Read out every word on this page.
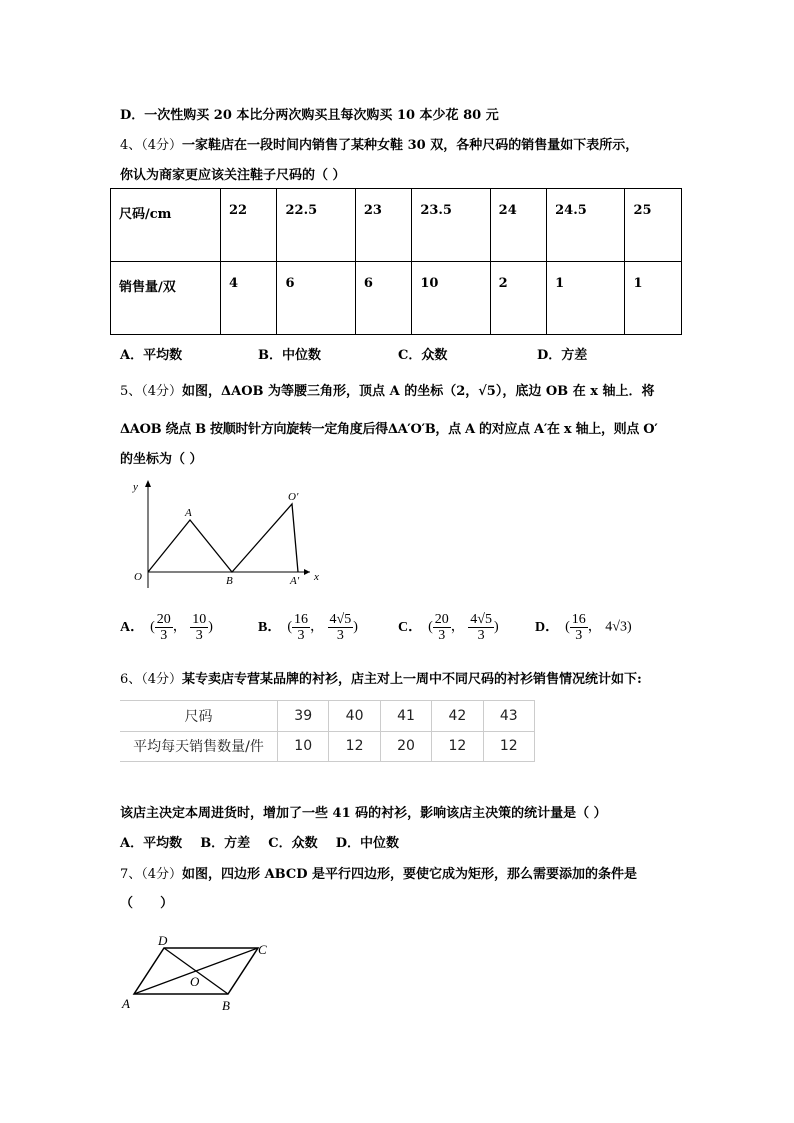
D．一次性购买 20 本比分两次购买且每次购买 10 本少花 80 元
4、（4分）一家鞋店在一段时间内销售了某种女鞋 30 双，各种尺码的销售量如下表所示，
你认为商家更应该关注鞋子尺码的（ ）
尺码/cm	22	22.5	23	23.5	24	24.5	25
销售量/双	4	6	6	10	2	1	1
A．平均数	B．中位数	C．众数	D．方差
5、（4分）如图，ΔAOB 为等腰三角形，顶点 A 的坐标（2，√5），底边 OB 在 x 轴上．将
ΔAOB 绕点 B 按顺时针方向旋转一定角度后得ΔA′O′B，点 A 的对应点 A′在 x 轴上，则点 O′
的坐标为（ ）
y
x
O
A
B	A′
O′
A． ( $\frac{20}{3}$ ， $\frac{10}{3}$ )	B． ( $\frac{16}{3}$ ， $\frac{4√5}{3}$ )	C． ( $\frac{20}{3}$ ， $\frac{4√5}{3}$ )	D． ( $\frac{16}{3}$ ， 4√3)
6、（4分）某专卖店专营某品牌的衬衫，店主对上一周中不同尺码的衬衫销售情况统计如下:
尺码	39	40	41	42	43
平均每天销售数量/件	10	12	20	12	12
该店主决定本周进货时，增加了一些 41 码的衬衫，影响该店主决策的统计量是（ ）
A．平均数    B．方差    C．众数    D．中位数
7、（4分）如图，四边形 ABCD 是平行四边形，要使它成为矩形，那么需要添加的条件是
（      ）
A	B
C
D
O
